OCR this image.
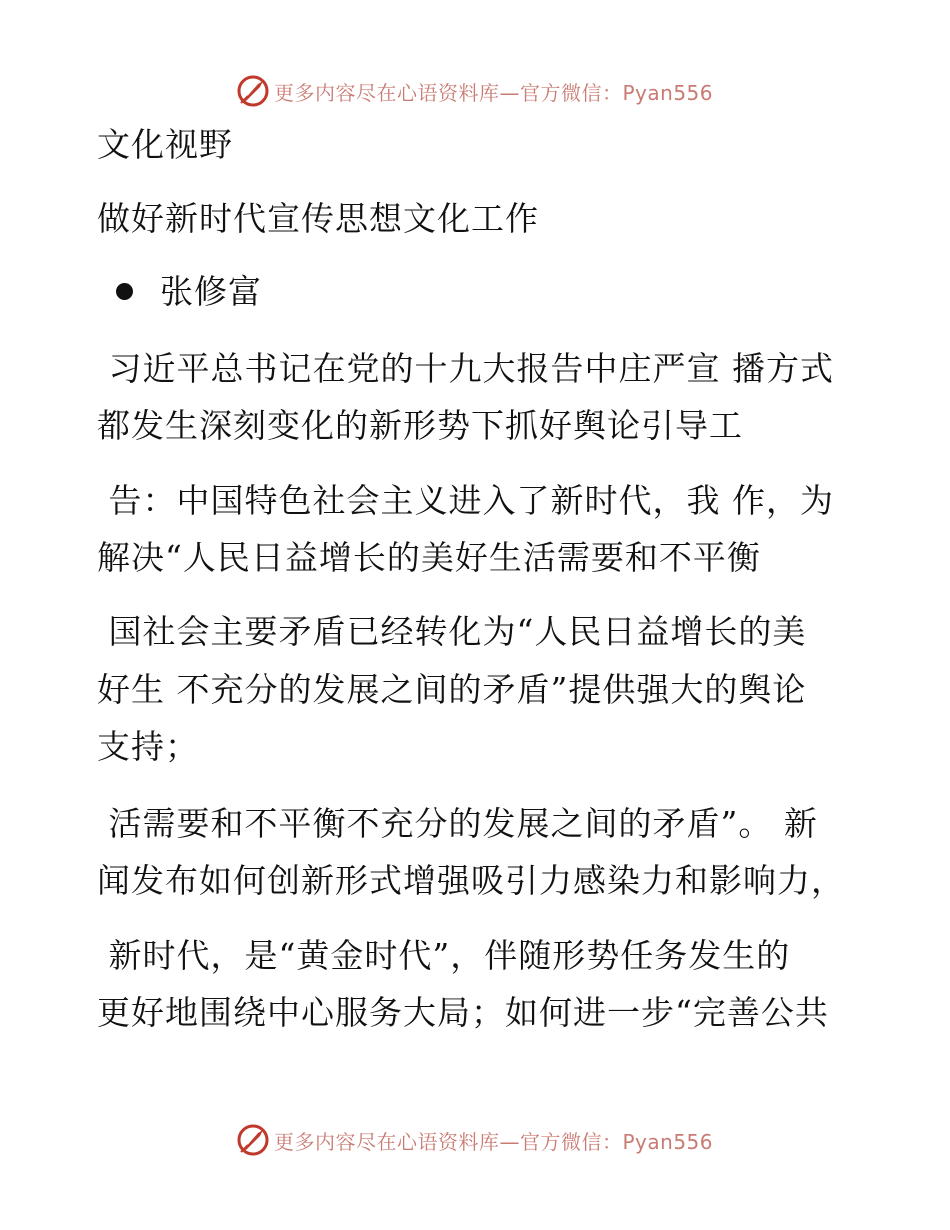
更多内容尽在心语资料库—官方微信：Pyan556
文化视野
做好新时代宣传思想文化工作
张修富
习近平总书记在党的十九大报告中庄严宣 播方式
都发生深刻变化的新形势下抓好舆论引导工
告：中国特色社会主义进入了新时代，我 作，为
解决“人民日益增长的美好生活需要和不平衡
国社会主要矛盾已经转化为“人民日益增长的美
好生 不充分的发展之间的矛盾”提供强大的舆论
支持；
活需要和不平衡不充分的发展之间的矛盾”。 新
闻发布如何创新形式增强吸引力感染力和影响力，
新时代，是“黄金时代”，伴随形势任务发生的
更好地围绕中心服务大局；如何进一步“完善公共
更多内容尽在心语资料库—官方微信：Pyan556
